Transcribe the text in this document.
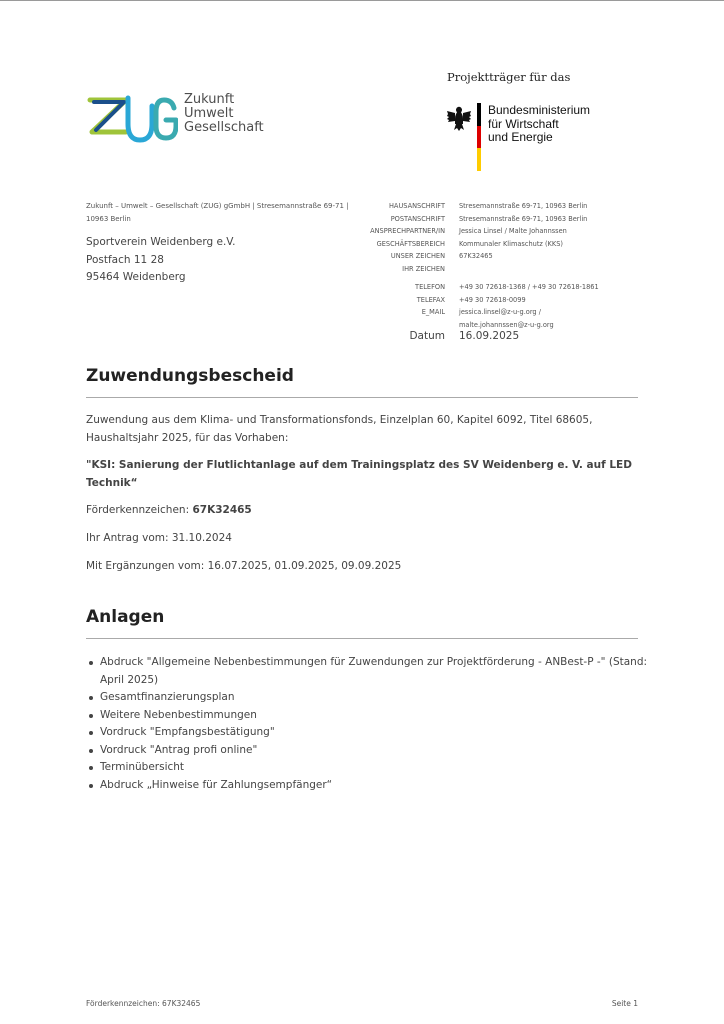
Zukunft
Umwelt
Gesellschaft
Projektträger für das
Bundesministerium
für Wirtschaft
und Energie
Zukunft – Umwelt – Gesellschaft (ZUG) gGmbH | Stresemannstraße 69-71 | 10963 Berlin
Sportverein Weidenberg e.V.
Postfach 11 28
95464 Weidenberg
HAUSANSCHRIFT
POSTANSCHRIFT
ANSPRECHPARTNER/IN
GESCHÄFTSBEREICH
UNSER ZEICHEN
IHR ZEICHEN
TELEFON
TELEFAX
E_MAIL
Stresemannstraße 69-71, 10963 Berlin
Stresemannstraße 69-71, 10963 Berlin
Jessica Linsel / Malte Johannssen
Kommunaler Klimaschutz (KKS)
67K32465
+49 30 72618-1368 / +49 30 72618-1861
+49 30 72618-0099
jessica.linsel@z-u-g.org /
malte.johannssen@z-u-g.org
Datum 16.09.2025
Zuwendungsbescheid

Zuwendung aus dem Klima- und Transformationsfonds, Einzelplan 60, Kapitel 6092, Titel 68605, Haushaltsjahr 2025, für das Vorhaben:

"KSI: Sanierung der Flutlichtanlage auf dem Trainingsplatz des SV Weidenberg e. V. auf LED Technik“

Förderkennzeichen: 67K32465

Ihr Antrag vom: 31.10.2024

Mit Ergänzungen vom: 16.07.2025, 01.09.2025, 09.09.2025

Anlagen
Abdruck "Allgemeine Nebenbestimmungen für Zuwendungen zur Projektförderung - ANBest-P -" (Stand: April 2025)
Gesamtfinanzierungsplan
Weitere Nebenbestimmungen
Vordruck "Empfangsbestätigung"
Vordruck "Antrag profi online"
Terminübersicht
Abdruck „Hinweise für Zahlungsempfänger“
Förderkennzeichen: 67K32465	Seite 1
